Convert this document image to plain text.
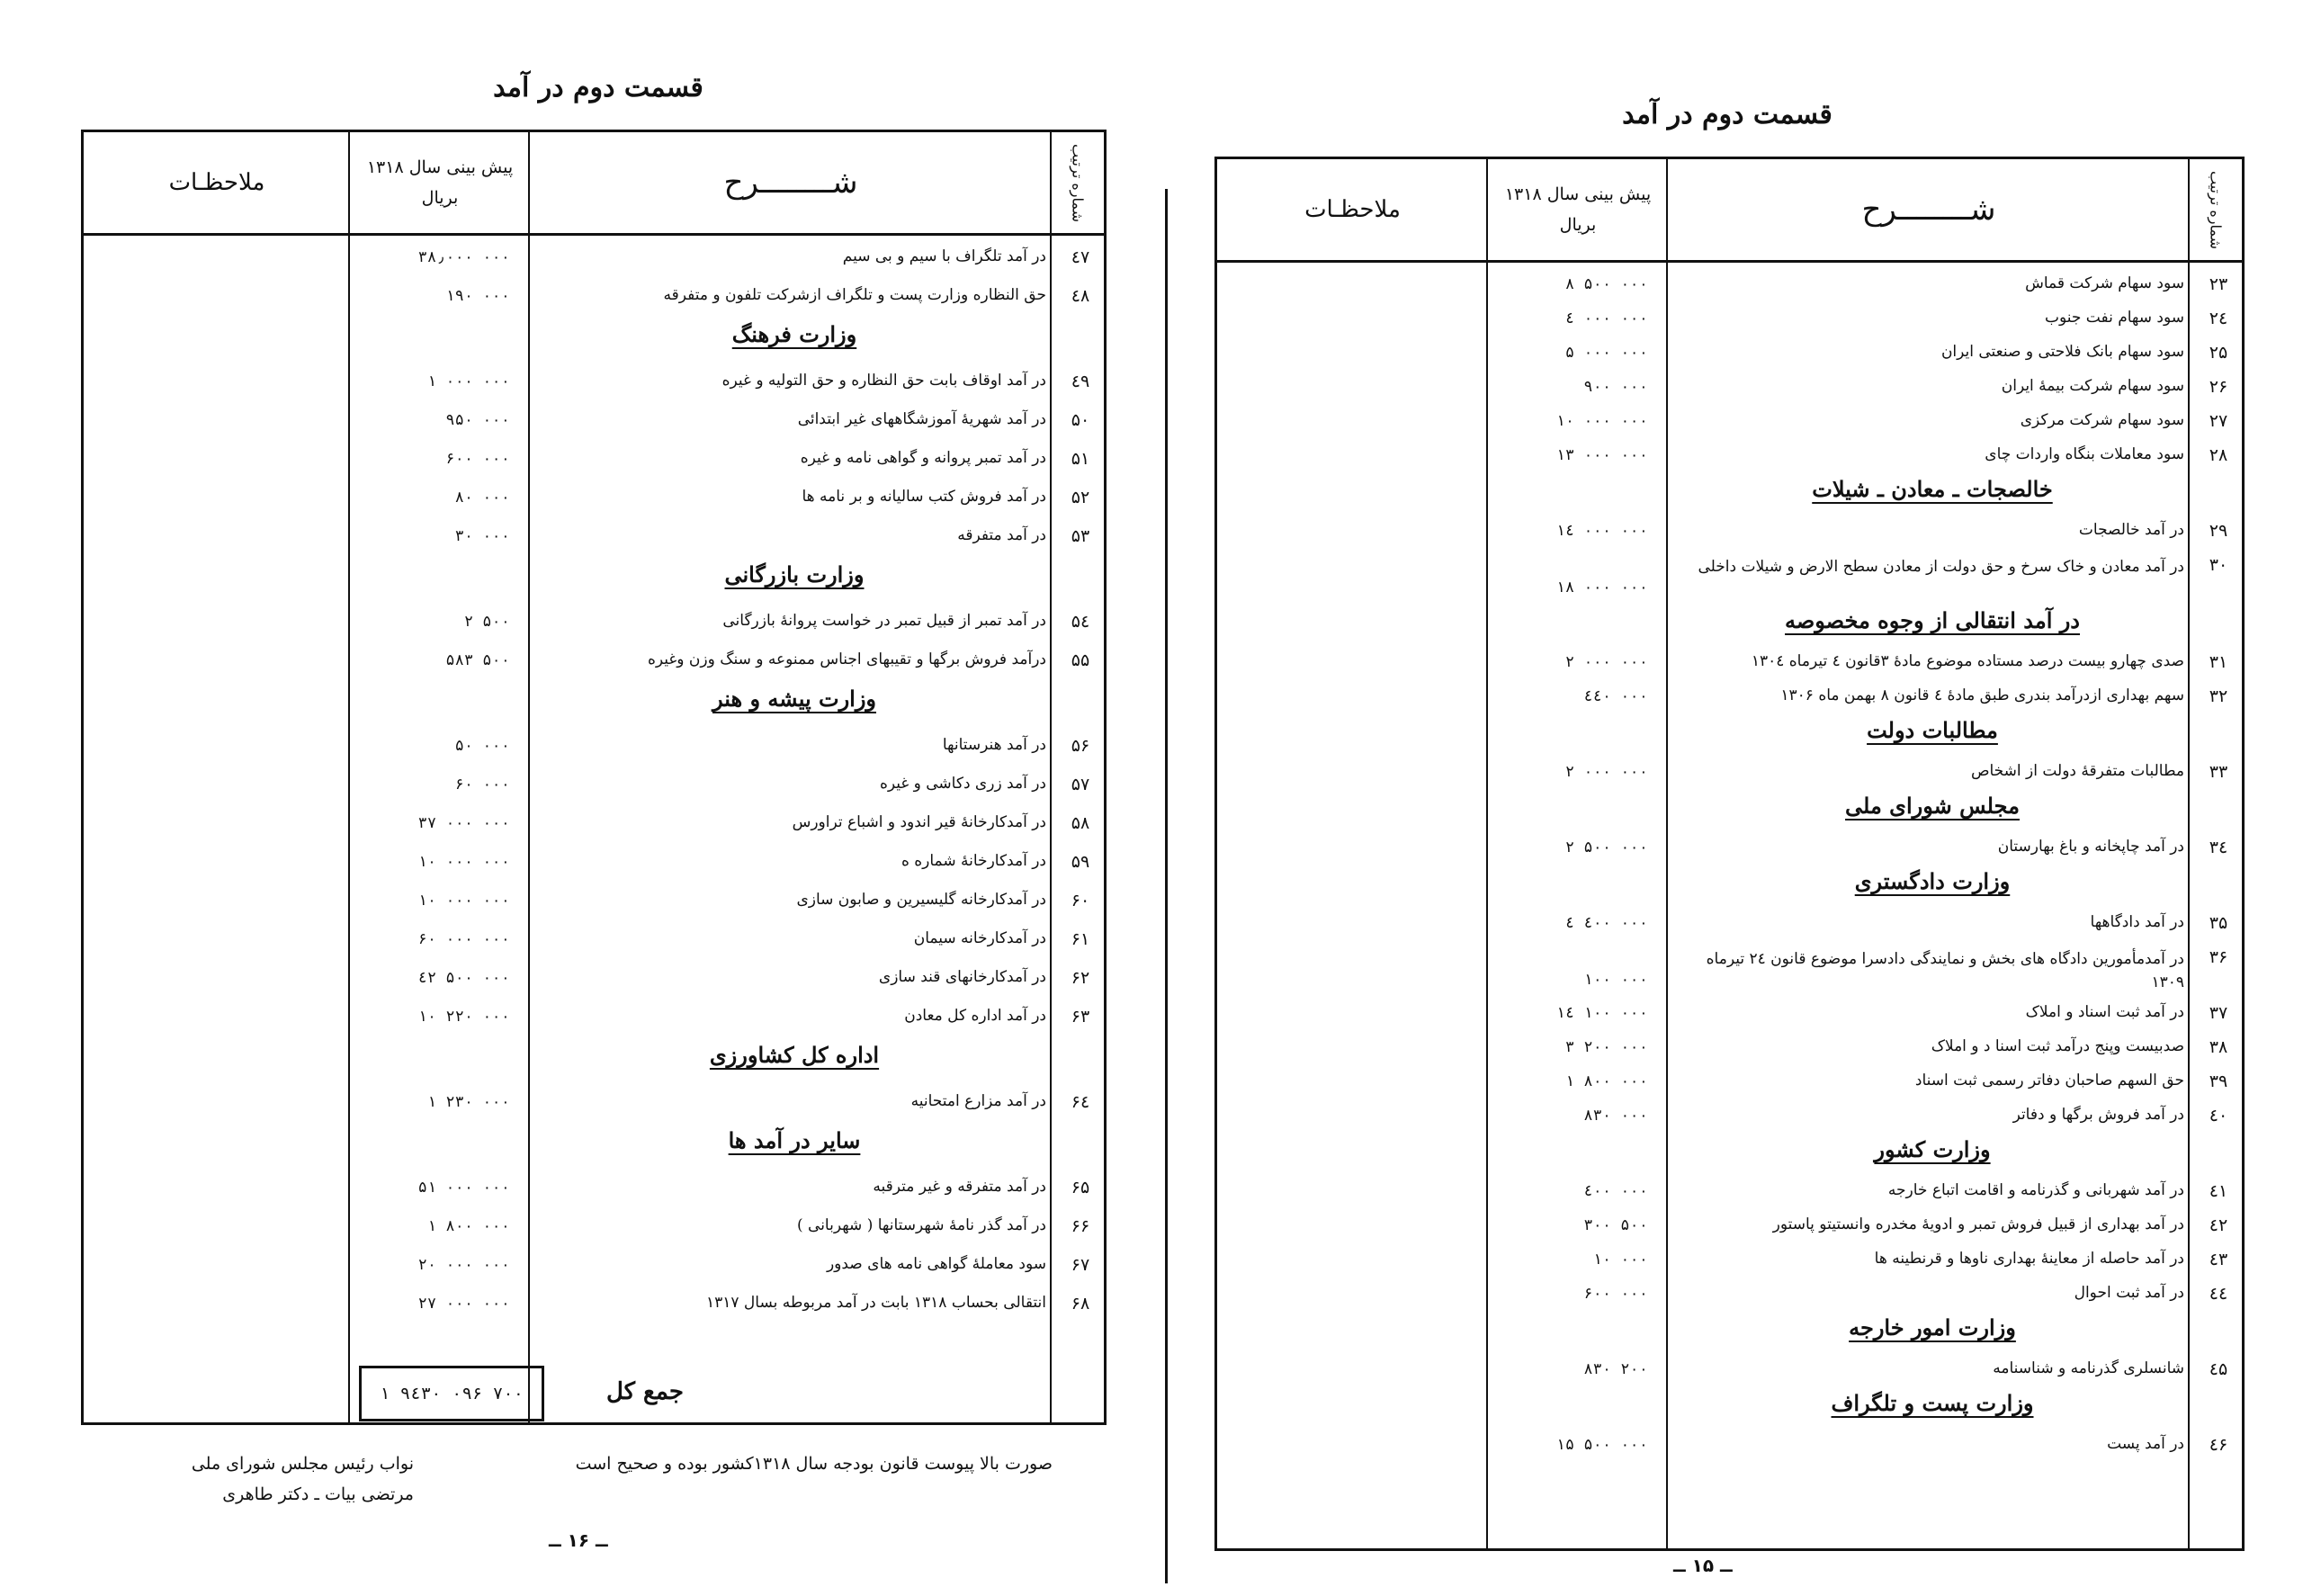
قسمت دوم در آمد
شماره ترتیب
شــــــــرح
پیش بینی سال ۱۳۱۸
بریال
ملاحظـات
٤٧
در آمد تلگراف با سیم و بی سیم
۳۸٫۰۰۰ ۰۰۰
٤٨
حق النظاره وزارت پست و تلگراف ازشرکت تلفون و متفرقه
۱۹۰ ۰۰۰
وزارت فرهنگ
٤٩
در آمد اوقاف بابت حق النظاره و حق التولیه و غیره
۱ ۰۰۰ ۰۰۰
۵۰
در آمد شهریهٔ آموزشگاههای غیر ابتدائی
۹۵۰ ۰۰۰
۵۱
در آمد تمبر پروانه و گواهی نامه و غیره
۶۰۰ ۰۰۰
۵۲
در آمد فروش کتب سالیانه و بر نامه ها
۸۰ ۰۰۰
۵۳
در آمد متفرقه
۳۰ ۰۰۰
وزارت بازرگانی
۵٤
در آمد تمبر از قبیل تمبر در خواست پروانهٔ بازرگانی
۲ ۵۰۰
۵۵
درآمد فروش برگها و تقیبهای اجناس ممنوعه و سنگ وزن وغیره
۵۸۳ ۵۰۰
وزارت پیشه و هنر
۵۶
در آمد هنرستانها
۵۰ ۰۰۰
۵۷
در آمد زری دکاشی و غیره
۶۰ ۰۰۰
۵۸
در آمدکارخانهٔ قیر اندود و اشباع تراورس
۳۷ ۰۰۰ ۰۰۰
۵۹
در آمدکارخانهٔ شماره ه
۱۰ ۰۰۰ ۰۰۰
۶۰
در آمدکارخانه گلیسیرین و صابون سازی
۱۰ ۰۰۰ ۰۰۰
۶۱
در آمدکارخانه سیمان
۶۰ ۰۰۰ ۰۰۰
۶۲
در آمدکارخانهای قند سازی
٤۲ ۵۰۰ ۰۰۰
۶۳
در آمد اداره کل معادن
۱۰ ۲۲۰ ۰۰۰
اداره کل کشاورزی
۶٤
در آمد مزارع امتحانیه
۱ ۲۳۰ ۰۰۰
سایر در آمد ها
۶۵
در آمد متفرقه و غیر مترقبه
۵۱ ۰۰۰ ۰۰۰
۶۶
در آمد گذر نامهٔ شهرستانها ( شهربانی )
۱ ۸۰۰ ۰۰۰
۶۷
سود معاملهٔ گواهی نامه های صدور
۲۰ ۰۰۰ ۰۰۰
۶۸
انتقالی بحساب ۱۳۱۸ بابت در آمد مربوطه بسال ۱۳۱۷
۲۷ ۰۰۰ ۰۰۰
جمع کل
۱ ۹٤۳۰ ۰۹۶ ۷۰۰
صورت بالا پیوست قانون بودجه سال ۱۳۱۸کشور بوده و صحیح است
نواب رئیس مجلس شورای ملی
مرتضی بیات ـ دکتر طاهری
ــ ۱۶ ــ
قسمت دوم در آمد
شماره ترتیب
شــــــــرح
پیش بینی سال ۱۳۱۸
بریال
ملاحظـات
۲۳
سود سهام شرکت قماش
۸ ۵۰۰ ۰۰۰
۲٤
سود سهام نفت جنوب
٤ ۰۰۰ ۰۰۰
۲۵
سود سهام بانک فلاحتی و صنعتی ایران
۵ ۰۰۰ ۰۰۰
۲۶
سود سهام شرکت بیمهٔ ایران
۹۰۰ ۰۰۰
۲۷
سود سهام شرکت مرکزی
۱۰ ۰۰۰ ۰۰۰
۲۸
سود معاملات بنگاه واردات چای
۱۳ ۰۰۰ ۰۰۰
خالصجات ـ معادن ـ شیلات
۲۹
در آمد خالصجات
۱٤ ۰۰۰ ۰۰۰
۳۰
در آمد معادن و خاک سرخ و حق دولت از معادن سطح الارض و شیلات داخلی
۱۸ ۰۰۰ ۰۰۰
در آمد انتقالی از وجوه مخصوصه
۳۱
صدی چهارو بیست درصد مستاده موضوع مادهٔ ۳قانون ٤ تیرماه ۱۳۰٤
۲ ۰۰۰ ۰۰۰
۳۲
سهم بهداری ازدرآمد بندری طبق مادهٔ ٤ قانون ۸ بهمن ماه ۱۳۰۶
٤٤۰ ۰۰۰
مطالبات دولت
۳۳
مطالبات متفرقهٔ دولت از اشخاص
۲ ۰۰۰ ۰۰۰
مجلس شورای ملی
۳٤
در آمد چاپخانه و باغ بهارستان
۲ ۵۰۰ ۰۰۰
وزارت دادگستری
۳۵
در آمد دادگاهها
٤ ٤۰۰ ۰۰۰
۳۶
در آمدمأمورین دادگاه های بخش و نمایندگی دادسرا موضوع قانون ۲٤ تیرماه ۱۳۰۹
۱۰۰ ۰۰۰
۳۷
در آمد ثبت اسناد و املاک
۱٤ ۱۰۰ ۰۰۰
۳۸
صدبیست وپنج درآمد ثبت اسنا د و املاک
۳ ۲۰۰ ۰۰۰
۳۹
حق السهم صاحبان دفاتر رسمی ثبت اسناد
۱ ۸۰۰ ۰۰۰
٤۰
در آمد فروش برگها و دفاتر
۸۳۰ ۰۰۰
وزارت کشور
٤۱
در آمد شهربانی و گذرنامه و اقامت اتباع خارجه
٤۰۰ ۰۰۰
٤۲
در آمد بهداری از قبیل فروش تمبر و ادویهٔ مخدره وانستیتو پاستور
۳۰۰ ۵۰۰
٤۳
در آمد حاصله از معاینهٔ بهداری ناوها و قرنطینه ها
۱۰ ۰۰۰
٤٤
در آمد ثبت احوال
۶۰۰ ۰۰۰
وزارت امور خارجه
٤۵
شانسلری گذرنامه و شناسنامه
۸۳۰ ۲۰۰
وزارت پست و تلگراف
٤۶
در آمد پست
۱۵ ۵۰۰ ۰۰۰
ــ ۱۵ ــ
